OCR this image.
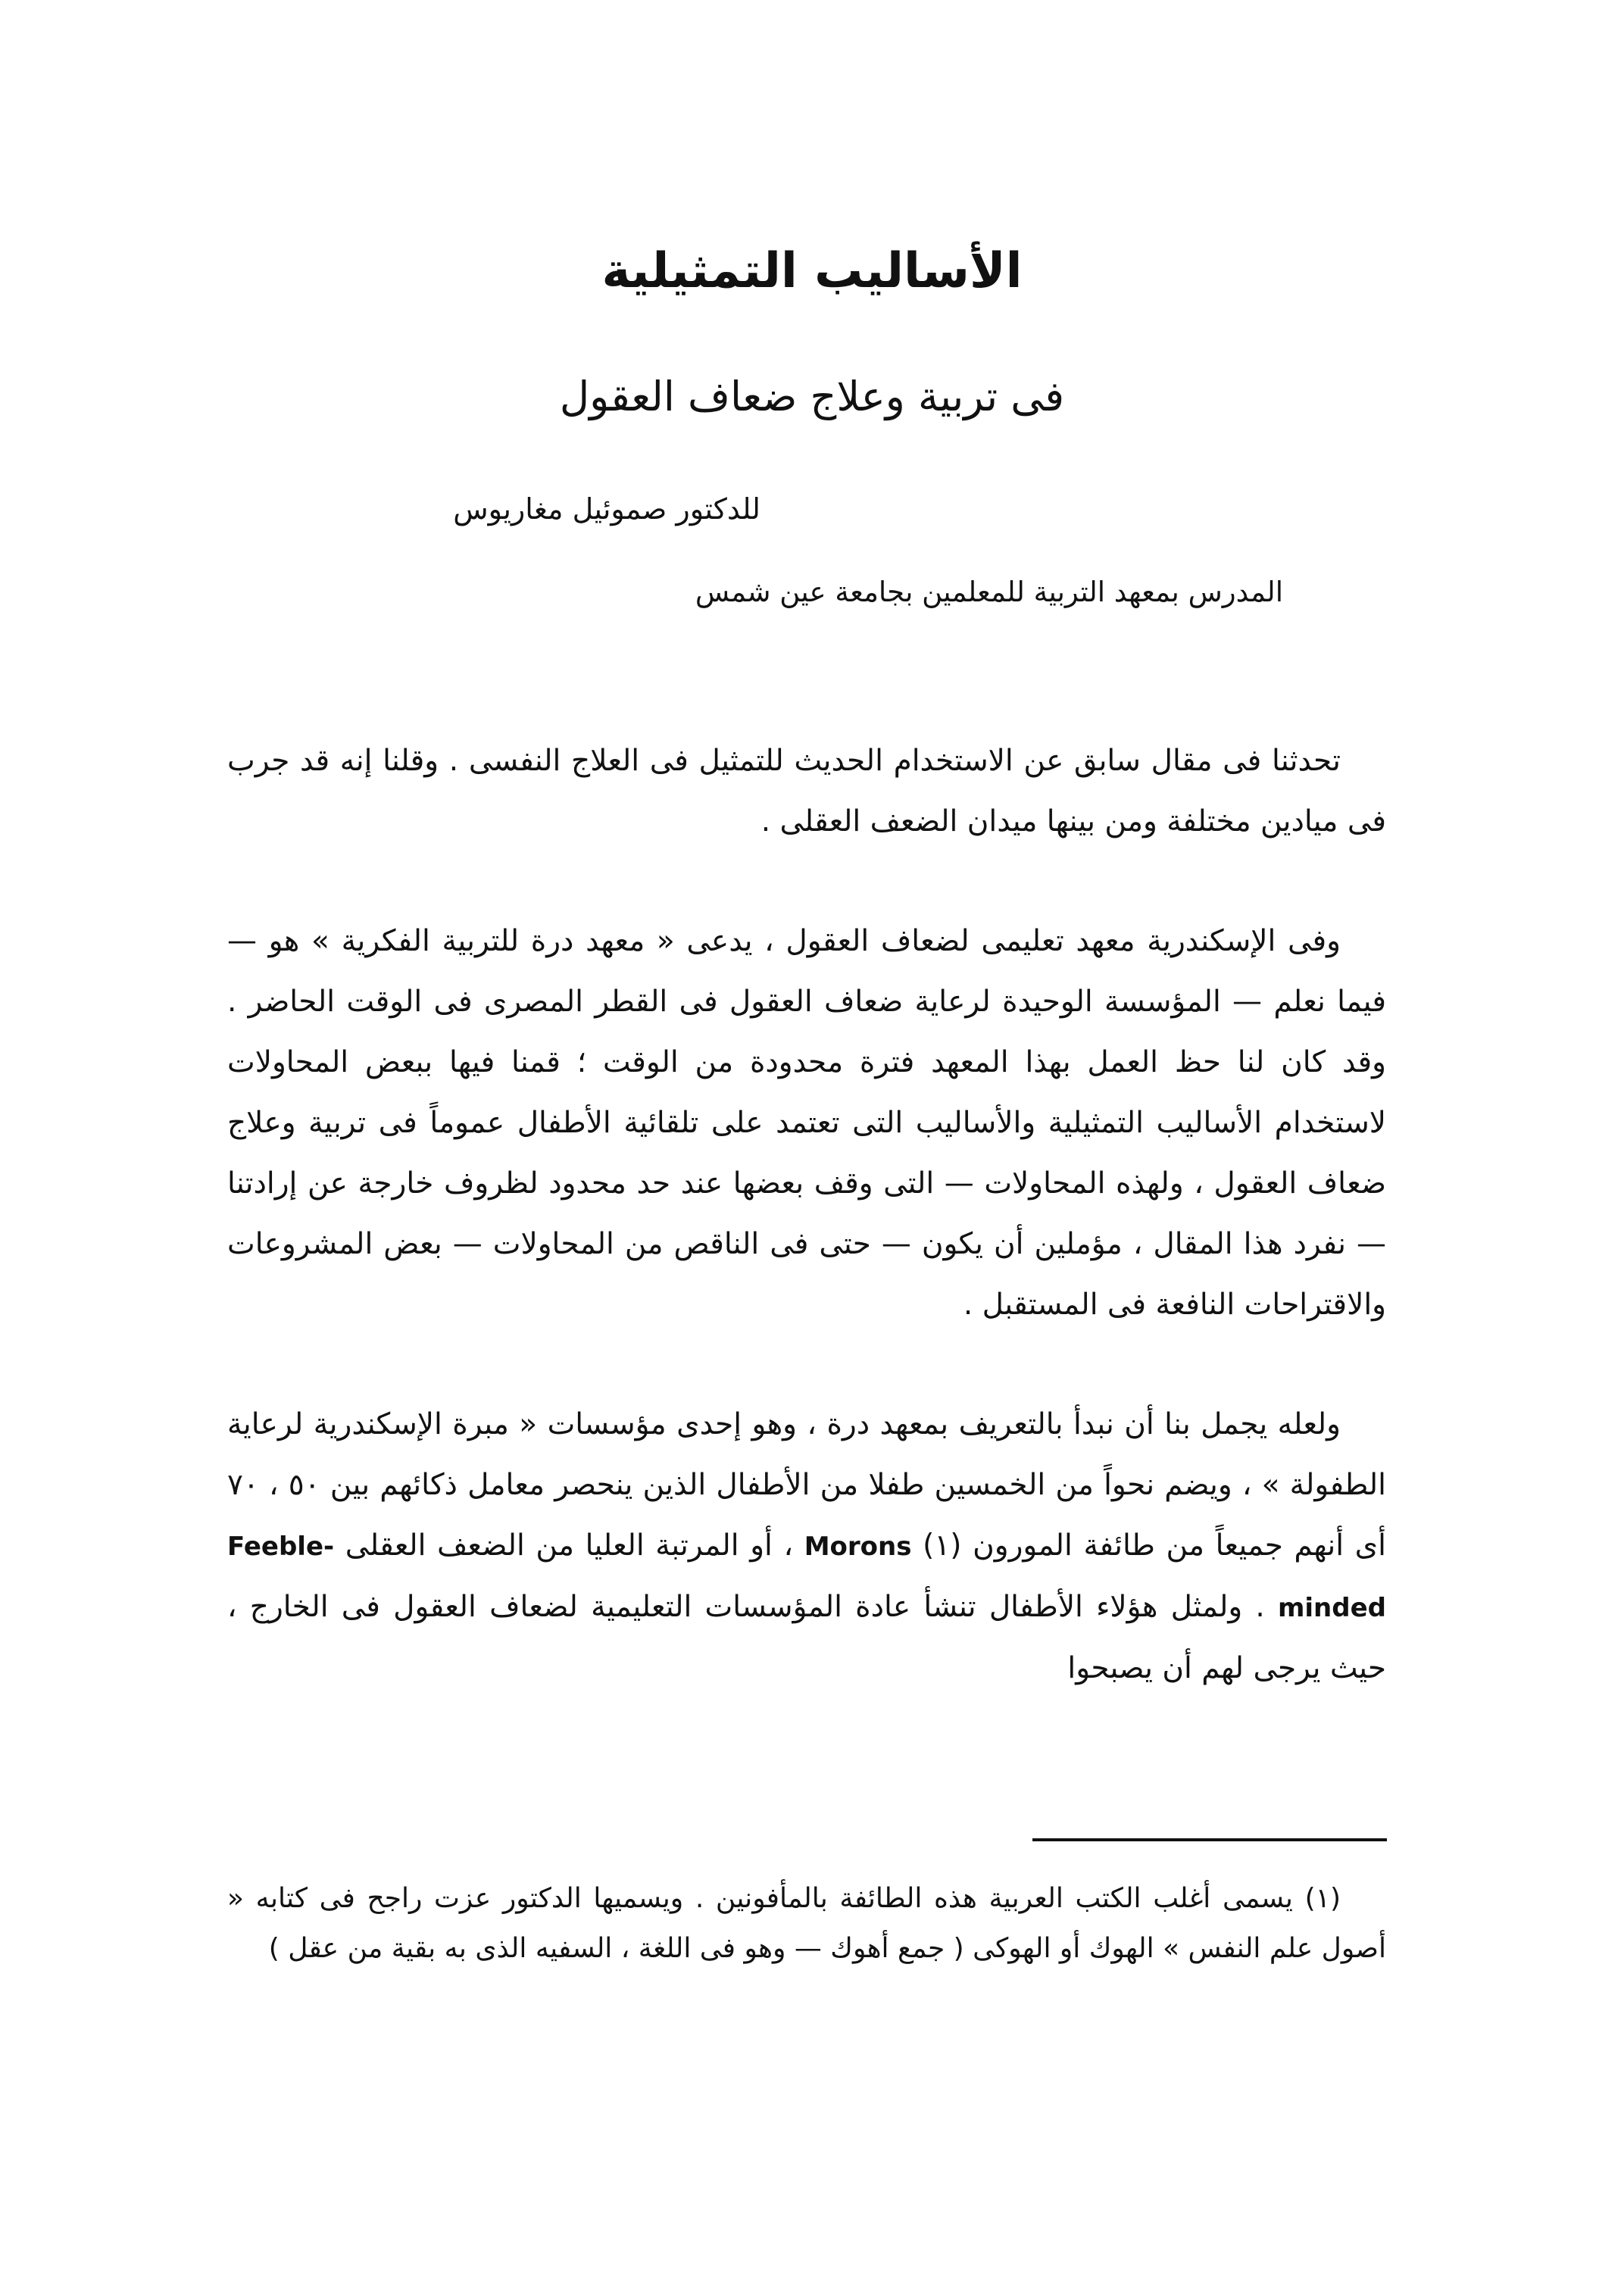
الأساليب التمثيلية
فى تربية وعلاج ضعاف العقول
للدكتور صموئيل مغاريوس
المدرس بمعهد التربية للمعلمين بجامعة عين شمس

تحدثنا فى مقال سابق عن الاستخدام الحديث للتمثيل فى العلاج النفسى . وقلنا إنه قد جرب فى ميادين مختلفة ومن بينها ميدان الضعف العقلى .

وفى الإسكندرية معهد تعليمى لضعاف العقول ، يدعى « معهد درة للتربية الفكرية » هو — فيما نعلم — المؤسسة الوحيدة لرعاية ضعاف العقول فى القطر المصرى فى الوقت الحاضر . وقد كان لنا حظ العمل بهذا المعهد فترة محدودة من الوقت ؛ قمنا فيها ببعض المحاولات لاستخدام الأساليب التمثيلية والأساليب التى تعتمد على تلقائية الأطفال عموماً فى تربية وعلاج ضعاف العقول ، ولهذه المحاولات — التى وقف بعضها عند حد محدود لظروف خارجة عن إرادتنا — نفرد هذا المقال ، مؤملين أن يكون — حتى فى الناقص من المحاولات — بعض المشروعات والاقتراحات النافعة فى المستقبل .

ولعله يجمل بنا أن نبدأ بالتعريف بمعهد درة ، وهو إحدى مؤسسات « مبرة الإسكندرية لرعاية الطفولة » ، ويضم نحواً من الخمسين طفلا من الأطفال الذين ينحصر معامل ذكائهم بين ٥٠ ، ٧٠ أى أنهم جميعاً من طائفة المورون (١) Morons ، أو المرتبة العليا من الضعف العقلى Feeble-minded . ولمثل هؤلاء الأطفال تنشأ عادة المؤسسات التعليمية لضعاف العقول فى الخارج ، حيث يرجى لهم أن يصبحوا

(١) يسمى أغلب الكتب العربية هذه الطائفة بالمأفونين . ويسميها الدكتور عزت راجح فى كتابه « أصول علم النفس » الهوك أو الهوكى ( جمع أهوك — وهو فى اللغة ، السفيه الذى به بقية من عقل )
